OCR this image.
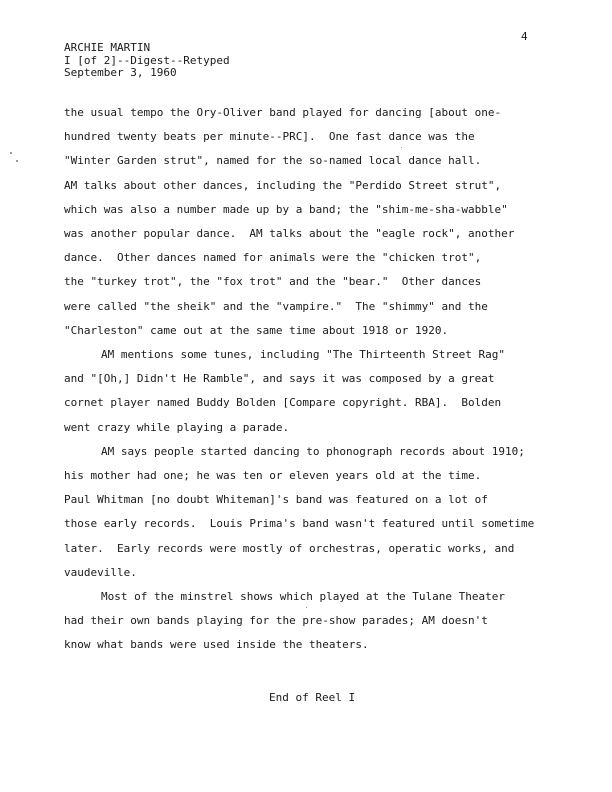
4
ARCHIE MARTIN
I [of 2]--Digest--Retyped
September 3, 1960
the usual tempo the Ory-Oliver band played for dancing [about one-
hundred twenty beats per minute--PRC].  One fast dance was the
"Winter Garden strut", named for the so-named local dance hall.
AM talks about other dances, including the "Perdido Street strut",
which was also a number made up by a band; the "shim-me-sha-wabble"
was another popular dance.  AM talks about the "eagle rock", another
dance.  Other dances named for animals were the "chicken trot",
the "turkey trot", the "fox trot" and the "bear."  Other dances
were called "the sheik" and the "vampire."  The "shimmy" and the
"Charleston" came out at the same time about 1918 or 1920.
AM mentions some tunes, including "The Thirteenth Street Rag"
and "[Oh,] Didn't He Ramble", and says it was composed by a great
cornet player named Buddy Bolden [Compare copyright. RBA].  Bolden
went crazy while playing a parade.
AM says people started dancing to phonograph records about 1910;
his mother had one; he was ten or eleven years old at the time.
Paul Whitman [no doubt Whiteman]'s band was featured on a lot of
those early records.  Louis Prima's band wasn't featured until sometime
later.  Early records were mostly of orchestras, operatic works, and
vaudeville.
Most of the minstrel shows which played at the Tulane Theater
had their own bands playing for the pre-show parades; AM doesn't
know what bands were used inside the theaters.
End of Reel I
